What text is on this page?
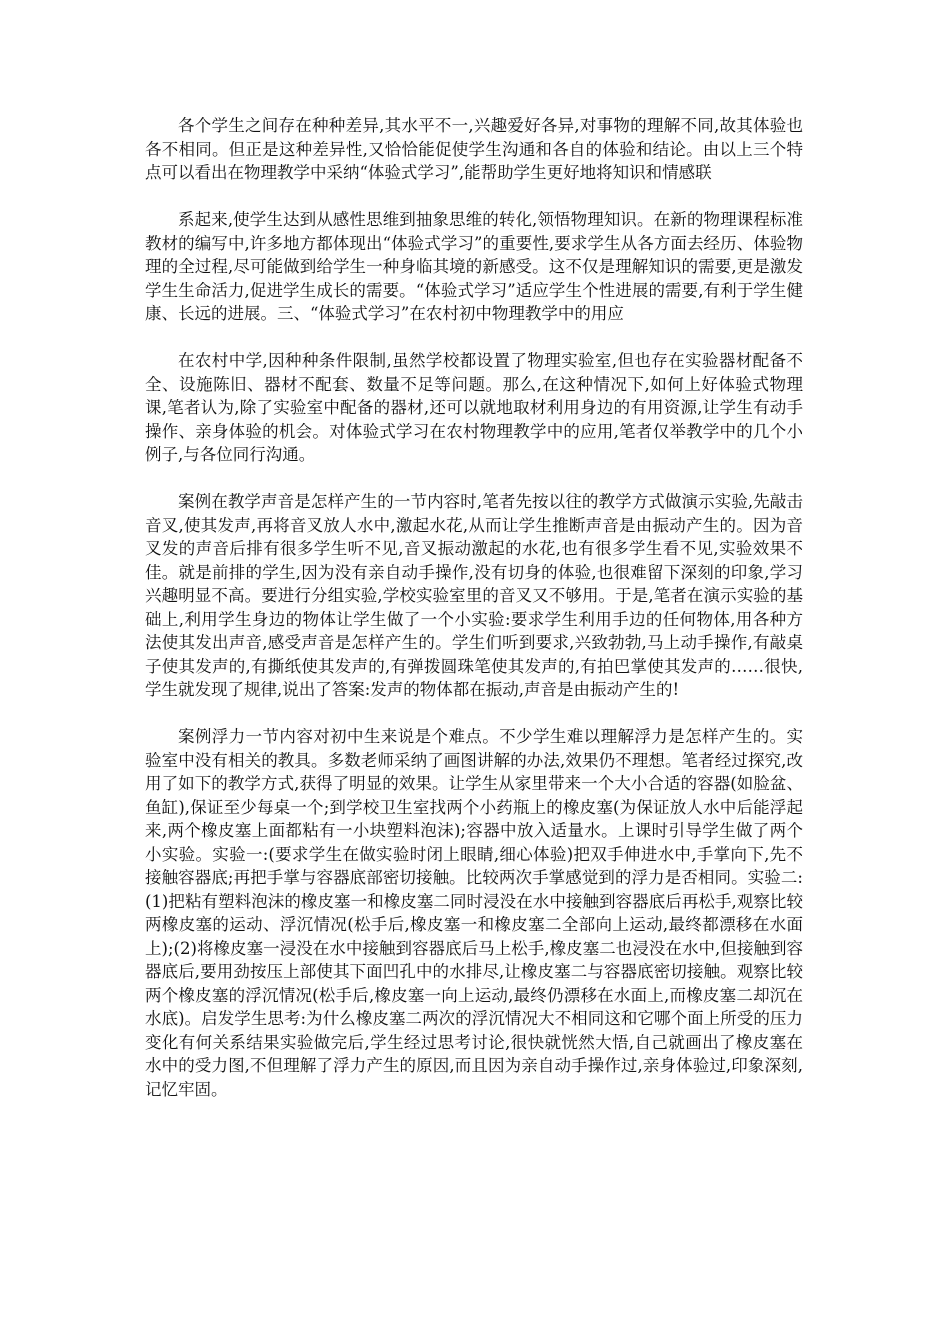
各个学生之间存在种种差异,其水平不一,兴趣爱好各异,对事物的理解不同,故其体验也各不相同。但正是这种差异性,又恰恰能促使学生沟通和各自的体验和结论。由以上三个特点可以看出在物理教学中采纳“体验式学习”,能帮助学生更好地将知识和情感联

系起来,使学生达到从感性思维到抽象思维的转化,领悟物理知识。在新的物理课程标准教材的编写中,许多地方都体现出“体验式学习”的重要性,要求学生从各方面去经历、体验物理的全过程,尽可能做到给学生一种身临其境的新感受。这不仅是理解知识的需要,更是激发学生生命活力,促进学生成长的需要。“体验式学习”适应学生个性进展的需要,有利于学生健康、长远的进展。三、“体验式学习”在农村初中物理教学中的用应

在农村中学,因种种条件限制,虽然学校都设置了物理实验室,但也存在实验器材配备不全、设施陈旧、器材不配套、数量不足等问题。那么,在这种情况下,如何上好体验式物理课,笔者认为,除了实验室中配备的器材,还可以就地取材利用身边的有用资源,让学生有动手操作、亲身体验的机会。对体验式学习在农村物理教学中的应用,笔者仅举教学中的几个小例子,与各位同行沟通。

案例在教学声音是怎样产生的一节内容时,笔者先按以往的教学方式做演示实验,先敲击音叉,使其发声,再将音叉放人水中,激起水花,从而让学生推断声音是由振动产生的。因为音叉发的声音后排有很多学生听不见,音叉振动激起的水花,也有很多学生看不见,实验效果不佳。就是前排的学生,因为没有亲自动手操作,没有切身的体验,也很难留下深刻的印象,学习兴趣明显不高。要进行分组实验,学校实验室里的音叉又不够用。于是,笔者在演示实验的基础上,利用学生身边的物体让学生做了一个小实验:要求学生利用手边的任何物体,用各种方法使其发出声音,感受声音是怎样产生的。学生们听到要求,兴致勃勃,马上动手操作,有敲桌子使其发声的,有撕纸使其发声的,有弹拨圆珠笔使其发声的,有拍巴掌使其发声的……很快,学生就发现了规律,说出了答案:发声的物体都在振动,声音是由振动产生的!

案例浮力一节内容对初中生来说是个难点。不少学生难以理解浮力是怎样产生的。实验室中没有相关的教具。多数老师采纳了画图讲解的办法,效果仍不理想。笔者经过探究,改用了如下的教学方式,获得了明显的效果。让学生从家里带来一个大小合适的容器(如脸盆、鱼缸),保证至少每桌一个;到学校卫生室找两个小药瓶上的橡皮塞(为保证放人水中后能浮起来,两个橡皮塞上面都粘有一小块塑料泡沫);容器中放入适量水。上课时引导学生做了两个小实验。实验一:(要求学生在做实验时闭上眼睛,细心体验)把双手伸进水中,手掌向下,先不接触容器底;再把手掌与容器底部密切接触。比较两次手掌感觉到的浮力是否相同。实验二:(1)把粘有塑料泡沫的橡皮塞一和橡皮塞二同时浸没在水中接触到容器底后再松手,观察比较两橡皮塞的运动、浮沉情况(松手后,橡皮塞一和橡皮塞二全部向上运动,最终都漂移在水面上);(2)将橡皮塞一浸没在水中接触到容器底后马上松手,橡皮塞二也浸没在水中,但接触到容器底后,要用劲按压上部使其下面凹孔中的水排尽,让橡皮塞二与容器底密切接触。观察比较两个橡皮塞的浮沉情况(松手后,橡皮塞一向上运动,最终仍漂移在水面上,而橡皮塞二却沉在水底)。启发学生思考:为什么橡皮塞二两次的浮沉情况大不相同这和它哪个面上所受的压力变化有何关系结果实验做完后,学生经过思考讨论,很快就恍然大悟,自己就画出了橡皮塞在水中的受力图,不但理解了浮力产生的原因,而且因为亲自动手操作过,亲身体验过,印象深刻,记忆牢固。
